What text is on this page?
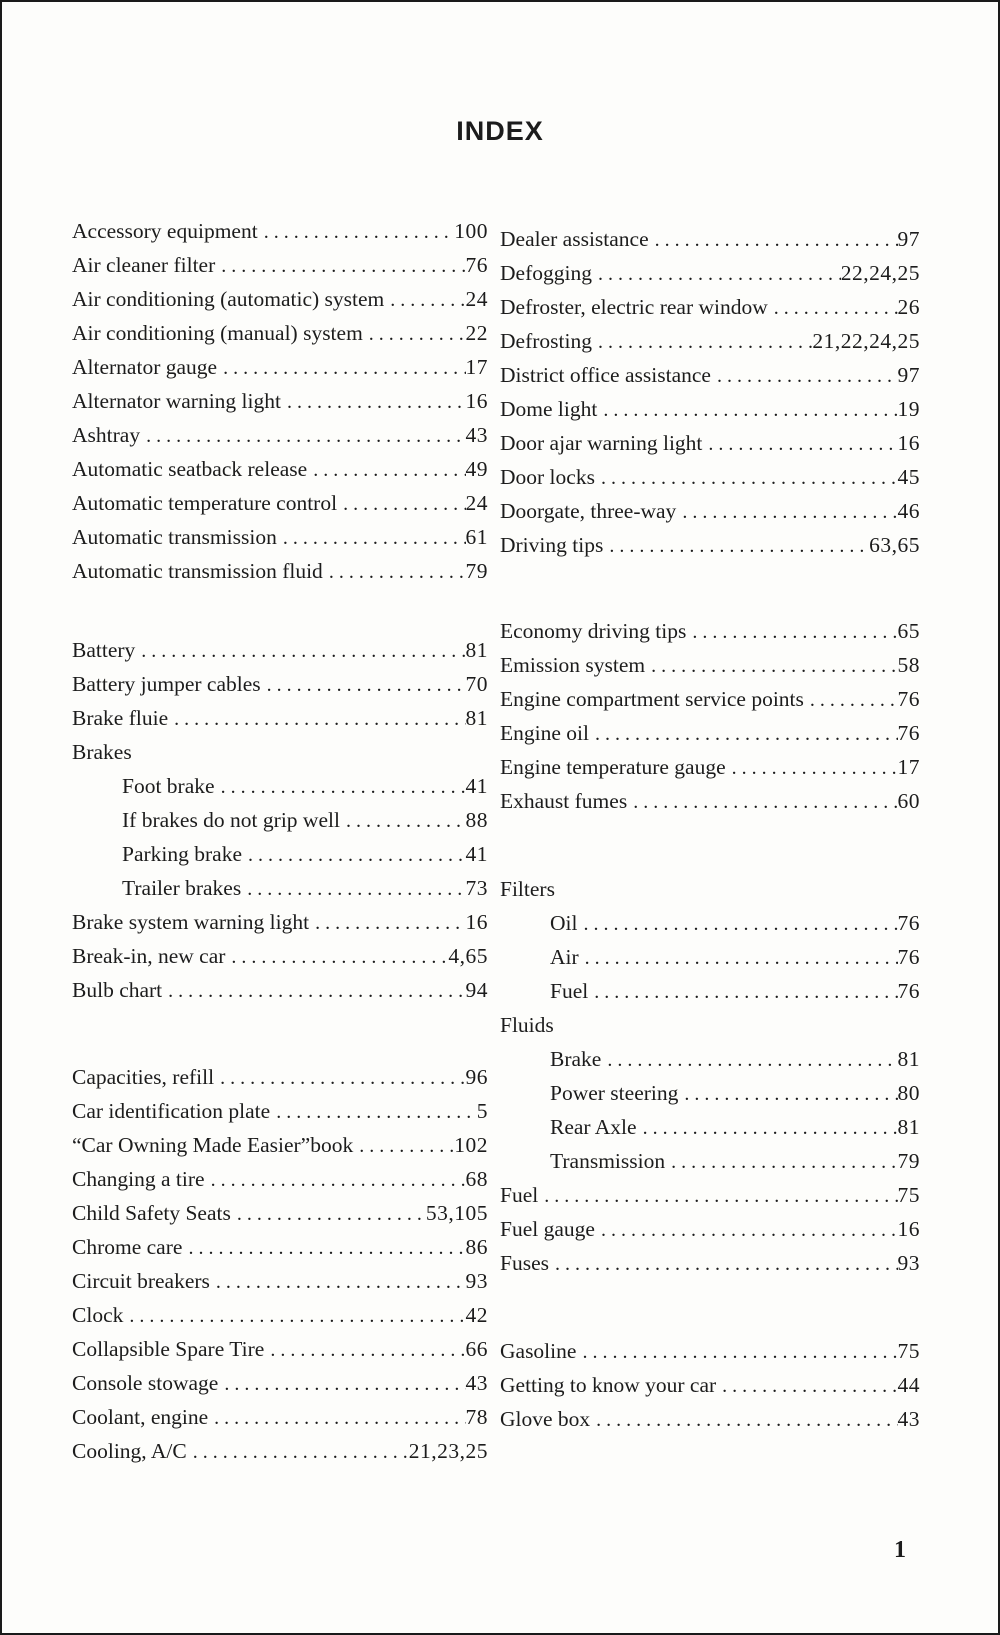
INDEX
Accessory equipment . . .	100
Air cleaner filter . . .	76
Air conditioning (automatic) system . . .	24
Air conditioning (manual) system . . .	22
Alternator gauge . . .	17
Alternator warning light . . .	16
Ashtray . . .	43
Automatic seatback release . . .	49
Automatic temperature control . . .	24
Automatic transmission . . .	61
Automatic transmission fluid . . .	79
Battery . . .	81
Battery jumper cables . . .	70
Brake fluie . . .	81
Brakes
Foot brake . . .	41
If brakes do not grip well . . .	88
Parking brake . . .	41
Trailer brakes . . .	73
Brake system warning light . . .	16
Break-in, new car . . .	4,65
Bulb chart . . .	94
Capacities, refill . . .	96
Car identification plate . . .	5
“Car Owning Made Easier”book . . .	102
Changing a tire . . .	68
Child Safety Seats . . .	53,105
Chrome care . . .	86
Circuit breakers . . .	93
Clock . . .	42
Collapsible Spare Tire . . .	66
Console stowage . . .	43
Coolant, engine . . .	78
Cooling, A/C . . .	21,23,25
Dealer assistance . . .	97
Defogging . . .	22,24,25
Defroster, electric rear window . . .	26
Defrosting . . .	21,22,24,25
District office assistance . . .	97
Dome light . . .	19
Door ajar warning light . . .	16
Door locks . . .	45
Doorgate, three-way . . .	46
Driving tips . . .	63,65
Economy driving tips . . .	65
Emission system . . .	58
Engine compartment service points . . .	76
Engine oil . . .	76
Engine temperature gauge . . .	17
Exhaust fumes . . .	60
Filters
Oil . . .	76
Air . . .	76
Fuel . . .	76
Fluids
Brake . . .	81
Power steering . . .	80
Rear Axle . . .	81
Transmission . . .	79
Fuel . . .	75
Fuel gauge . . .	16
Fuses . . .	93
Gasoline . . .	75
Getting to know your car . . .	44
Glove box . . .	43
1
